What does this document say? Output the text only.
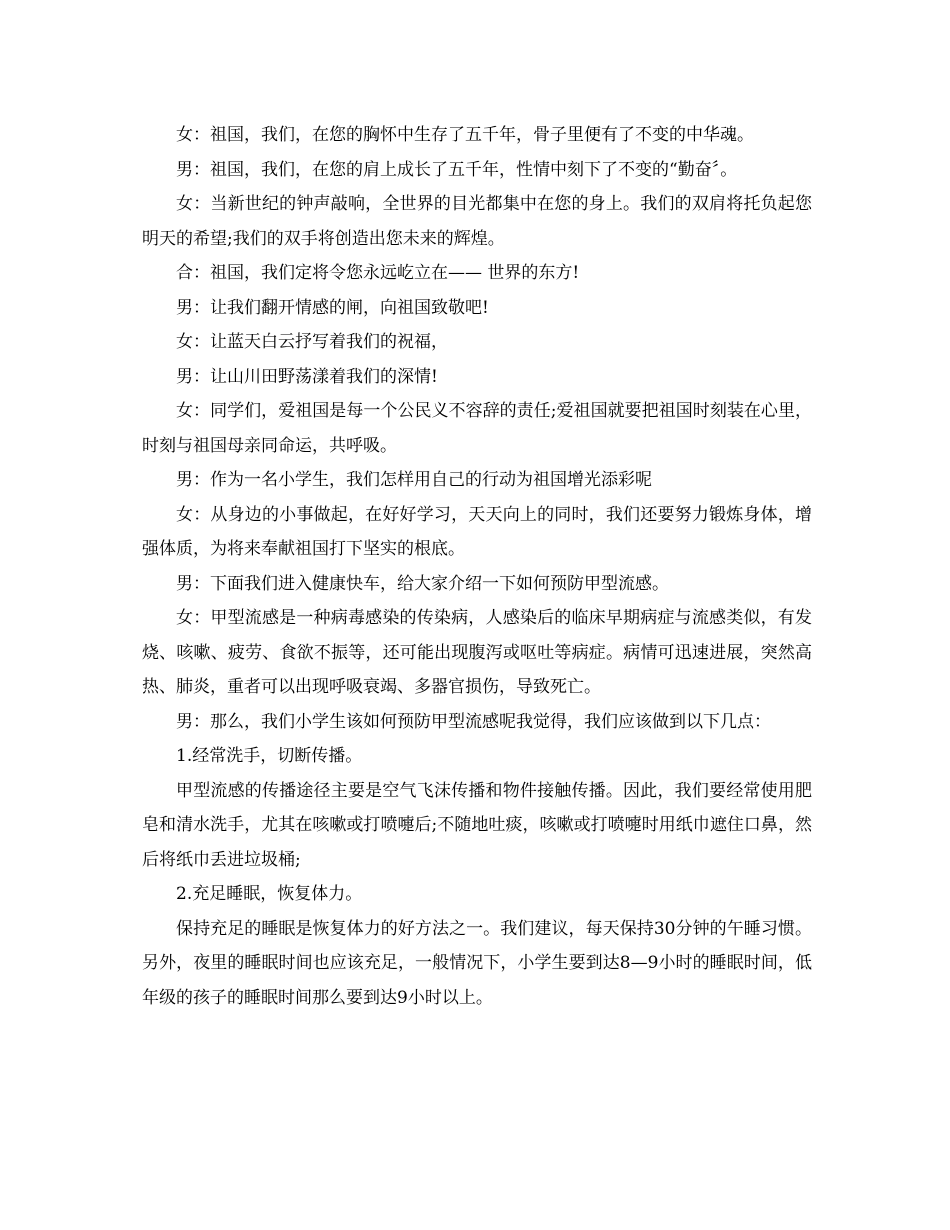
女：祖国，我们，在您的胸怀中生存了五千年，骨子里便有了不变的中华魂。

男：祖国，我们，在您的肩上成长了五千年，性情中刻下了不变的“勤奋〞。

女：当新世纪的钟声敲响，全世界的目光都集中在您的身上。我们的双肩将托负起您明天的希望;我们的双手将创造出您未来的辉煌。

合：祖国，我们定将令您永远屹立在—— 世界的东方!

男：让我们翻开情感的闸，向祖国致敬吧!

女：让蓝天白云抒写着我们的祝福，

男：让山川田野荡漾着我们的深情!

女：同学们，爱祖国是每一个公民义不容辞的责任;爱祖国就要把祖国时刻装在心里，时刻与祖国母亲同命运，共呼吸。

男：作为一名小学生，我们怎样用自己的行动为祖国增光添彩呢

女：从身边的小事做起，在好好学习，天天向上的同时，我们还要努力锻炼身体，增强体质，为将来奉献祖国打下坚实的根底。

男：下面我们进入健康快车，给大家介绍一下如何预防甲型流感。

女：甲型流感是一种病毒感染的传染病，人感染后的临床早期病症与流感类似，有发烧、咳嗽、疲劳、食欲不振等，还可能出现腹泻或呕吐等病症。病情可迅速进展，突然高热、肺炎，重者可以出现呼吸衰竭、多器官损伤，导致死亡。

男：那么，我们小学生该如何预防甲型流感呢我觉得，我们应该做到以下几点：

1.经常洗手，切断传播。

甲型流感的传播途径主要是空气飞沫传播和物件接触传播。因此，我们要经常使用肥皂和清水洗手，尤其在咳嗽或打喷嚏后;不随地吐痰，咳嗽或打喷嚏时用纸巾遮住口鼻，然后将纸巾丢进垃圾桶;

2.充足睡眠，恢复体力。

保持充足的睡眠是恢复体力的好方法之一。我们建议，每天保持30分钟的午睡习惯。另外，夜里的睡眠时间也应该充足，一般情况下，小学生要到达8—9小时的睡眠时间，低年级的孩子的睡眠时间那么要到达9小时以上。
